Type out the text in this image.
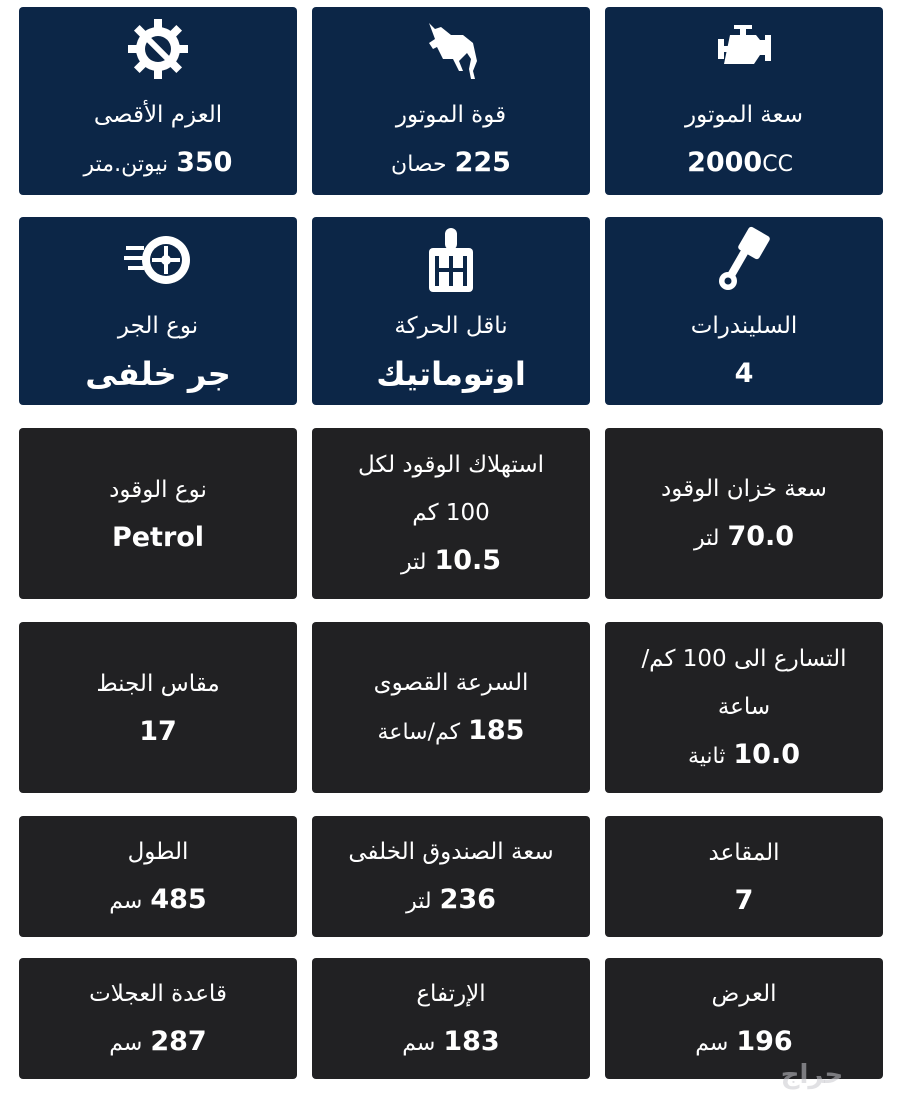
سعة الموتور
2000CC
قوة الموتور
225حصان
العزم الأقصى
350نيوتن.متر
السليندرات
4
ناقل الحركة
اوتوماتيك
نوع الجر
جر خلفى
سعة خزان الوقود
70.0لتر
استهلاك الوقود لكل
100 كم
10.5لتر
نوع الوقود
Petrol
التسارع الى 100 كم/
ساعة
10.0ثانية
السرعة القصوى
185كم/ساعة
مقاس الجنط
17
المقاعد
7
سعة الصندوق الخلفى
236لتر
الطول
485سم
العرض
196سم
الإرتفاع
183سم
قاعدة العجلات
287سم
حراج
